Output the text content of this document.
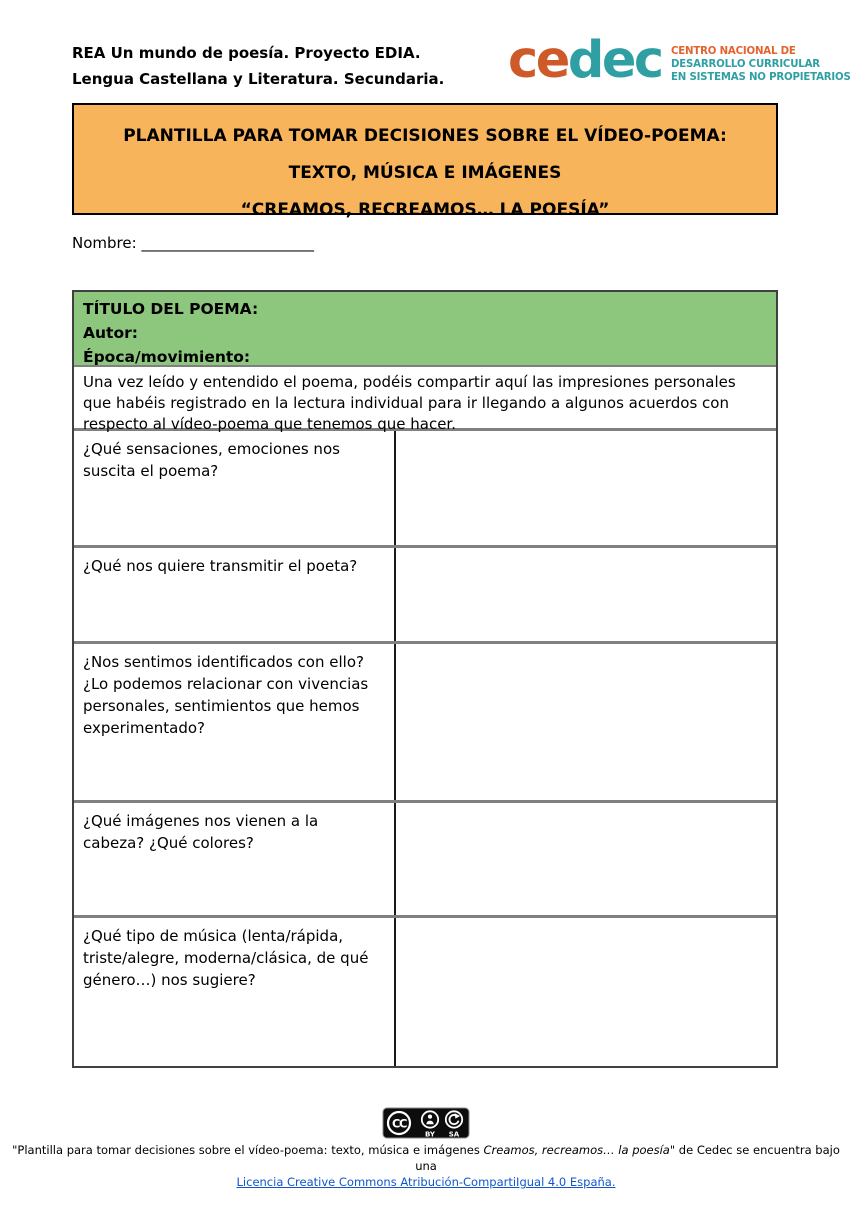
REA Un mundo de poesía. Proyecto EDIA.
Lengua Castellana y Literatura. Secundaria. cedec CENTRO NACIONAL DE
DESARROLLO CURRICULAR
EN SISTEMAS NO PROPIETARIOS
PLANTILLA PARA TOMAR DECISIONES SOBRE EL VÍDEO-POEMA:
TEXTO, MÚSICA E IMÁGENES
“CREAMOS, RECREAMOS… LA POESÍA”
Nombre: _______________________
TÍTULO DEL POEMA:
Autor:
Época/movimiento:
Una vez leído y entendido el poema, podéis compartir aquí las impresiones personales que habéis registrado en la lectura individual para ir llegando a algunos acuerdos con respecto al vídeo-poema que tenemos que hacer.
¿Qué sensaciones, emociones nos suscita el poema?
¿Qué nos quiere transmitir el poeta?
¿Nos sentimos identificados con ello? ¿Lo podemos relacionar con vivencias personales, sentimientos que hemos experimentado?
¿Qué imágenes nos vienen a la cabeza? ¿Qué colores?
¿Qué tipo de música (lenta/rápida, triste/alegre, moderna/clásica, de qué género…) nos sugiere?
CC
BY SA
"Plantilla para tomar decisiones sobre el vídeo-poema: texto, música e imágenes Creamos, recreamos… la poesía" de Cedec se encuentra bajo una
Licencia Creative Commons Atribución-CompartiIgual 4.0 España.
